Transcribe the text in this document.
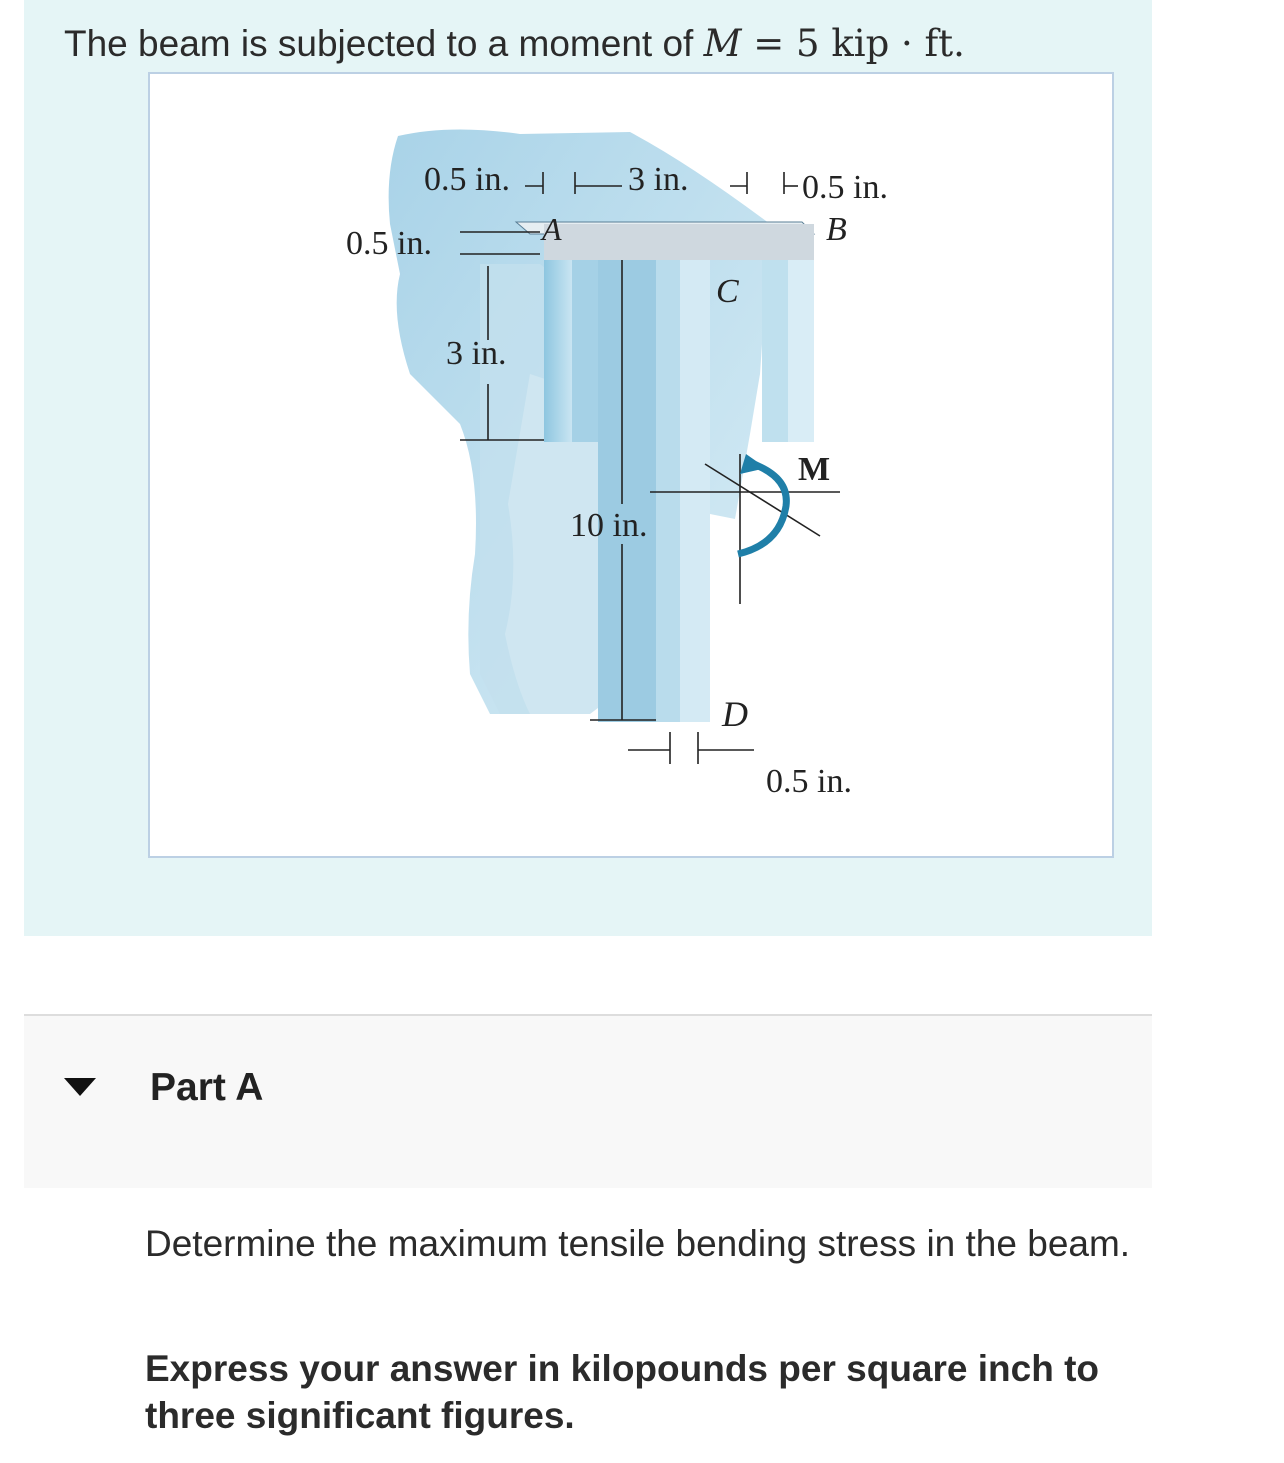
The beam is subjected to a moment of M = 5 kip · ft.
0.5 in.	3 in.	0.5 in.
0.5 in.
3 in.
10 in.
0.5 in.
A	B
C
D
M
Part A
Determine the maximum tensile bending stress in the beam.
Express your answer in kilopounds per square inch to three significant figures.
